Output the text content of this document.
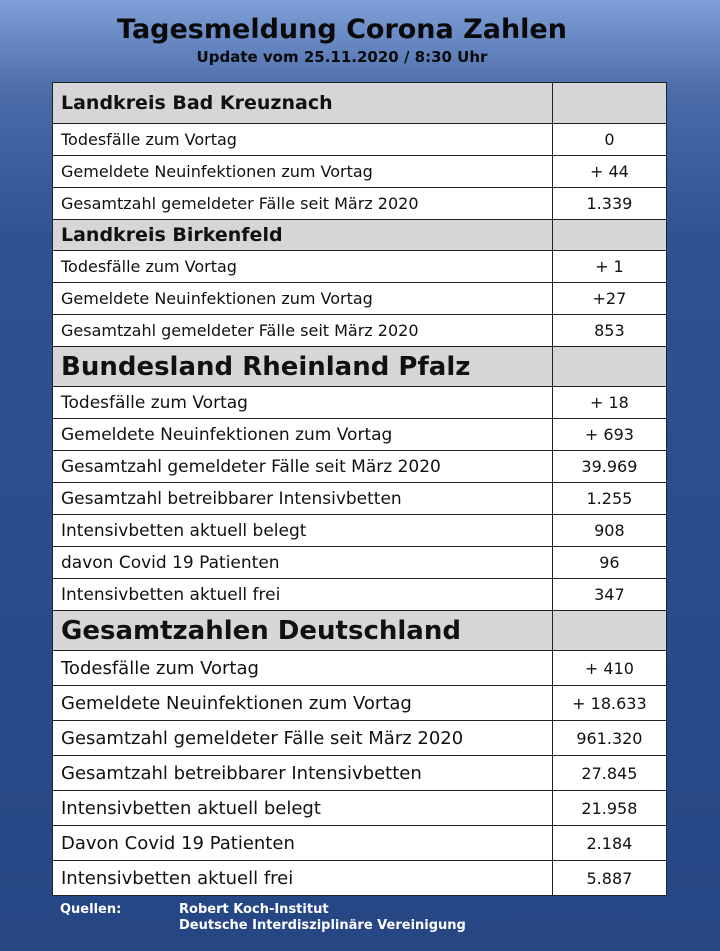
Tagesmeldung Corona Zahlen
Update vom 25.11.2020 / 8:30 Uhr
Landkreis Bad Kreuznach	
Todesfälle zum Vortag	0
Gemeldete Neuinfektionen zum Vortag	+ 44
Gesamtzahl gemeldeter Fälle seit März 2020	1.339
Landkreis Birkenfeld	
Todesfälle zum Vortag	+ 1
Gemeldete Neuinfektionen zum Vortag	+27
Gesamtzahl gemeldeter Fälle seit März 2020	853
Bundesland Rheinland Pfalz	
Todesfälle zum Vortag	+ 18
Gemeldete Neuinfektionen zum Vortag	+ 693
Gesamtzahl gemeldeter Fälle seit März 2020	39.969
Gesamtzahl betreibbarer Intensivbetten	1.255
Intensivbetten aktuell belegt	908
davon Covid 19 Patienten	96
Intensivbetten aktuell frei	347
Gesamtzahlen Deutschland	
Todesfälle zum Vortag	+ 410
Gemeldete Neuinfektionen zum Vortag	+ 18.633
Gesamtzahl gemeldeter Fälle seit März 2020	961.320
Gesamtzahl betreibbarer Intensivbetten	27.845
Intensivbetten aktuell belegt	21.958
Davon Covid 19 Patienten	2.184
Intensivbetten aktuell frei	5.887
Quellen:	Robert Koch-Institut
Deutsche Interdisziplinäre Vereinigung
